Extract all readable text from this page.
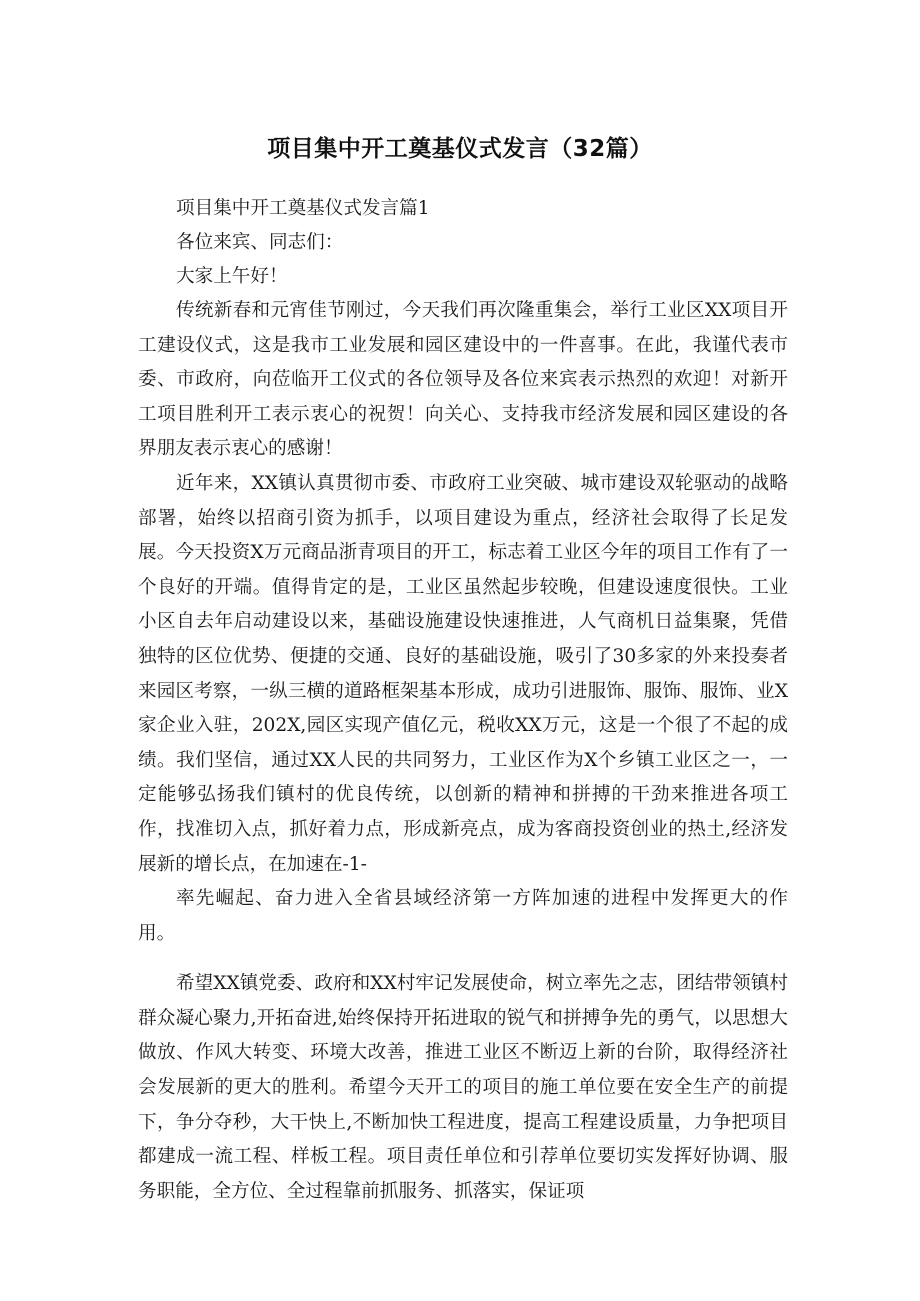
项目集中开工奠基仪式发言（32篇）

项目集中开工奠基仪式发言篇1

各位来宾、同志们：

大家上午好！

传统新春和元宵佳节刚过，今天我们再次隆重集会，举行工业区XX项目开工建设仪式，这是我市工业发展和园区建设中的一件喜事。在此，我谨代表市委、市政府，向莅临开工仪式的各位领导及各位来宾表示热烈的欢迎！对新开工项目胜利开工表示衷心的祝贺！向关心、支持我市经济发展和园区建设的各界朋友表示衷心的感谢！

近年来，XX镇认真贯彻市委、市政府工业突破、城市建设双轮驱动的战略部署，始终以招商引资为抓手，以项目建设为重点，经济社会取得了长足发展。今天投资X万元商品浙青项目的开工，标志着工业区今年的项目工作有了一个良好的开端。值得肯定的是，工业区虽然起步较晚，但建设速度很快。工业小区自去年启动建设以来，基础设施建设快速推进，人气商机日益集聚，凭借独特的区位优势、便捷的交通、良好的基础设施，吸引了30多家的外来投奏者来园区考察，一纵三横的道路框架基本形成，成功引进服饰、服饰、服饰、业X家企业入驻，202X,园区实现产值亿元，税收XX万元，这是一个很了不起的成绩。我们坚信，通过XX人民的共同努力，工业区作为X个乡镇工业区之一，一定能够弘扬我们镇村的优良传统，以创新的精神和拼搏的干劲来推进各项工作，找准切入点，抓好着力点，形成新亮点，成为客商投资创业的热土,经济发展新的增长点，在加速在-1-

率先崛起、奋力进入全省县域经济第一方阵加速的进程中发挥更大的作用。

希望XX镇党委、政府和XX村牢记发展使命，树立率先之志，团结带领镇村群众凝心聚力,开拓奋进,始终保持开拓进取的锐气和拼搏争先的勇气，以思想大做放、作风大转变、环境大改善，推进工业区不断迈上新的台阶，取得经济社会发展新的更大的胜利。希望今天开工的项目的施工单位要在安全生产的前提下，争分夺秒，大干快上,不断加快工程进度，提高工程建设质量，力争把项目都建成一流工程、样板工程。项目责任单位和引荐单位要切实发挥好协调、服务职能，全方位、全过程靠前抓服务、抓落实，保证项
